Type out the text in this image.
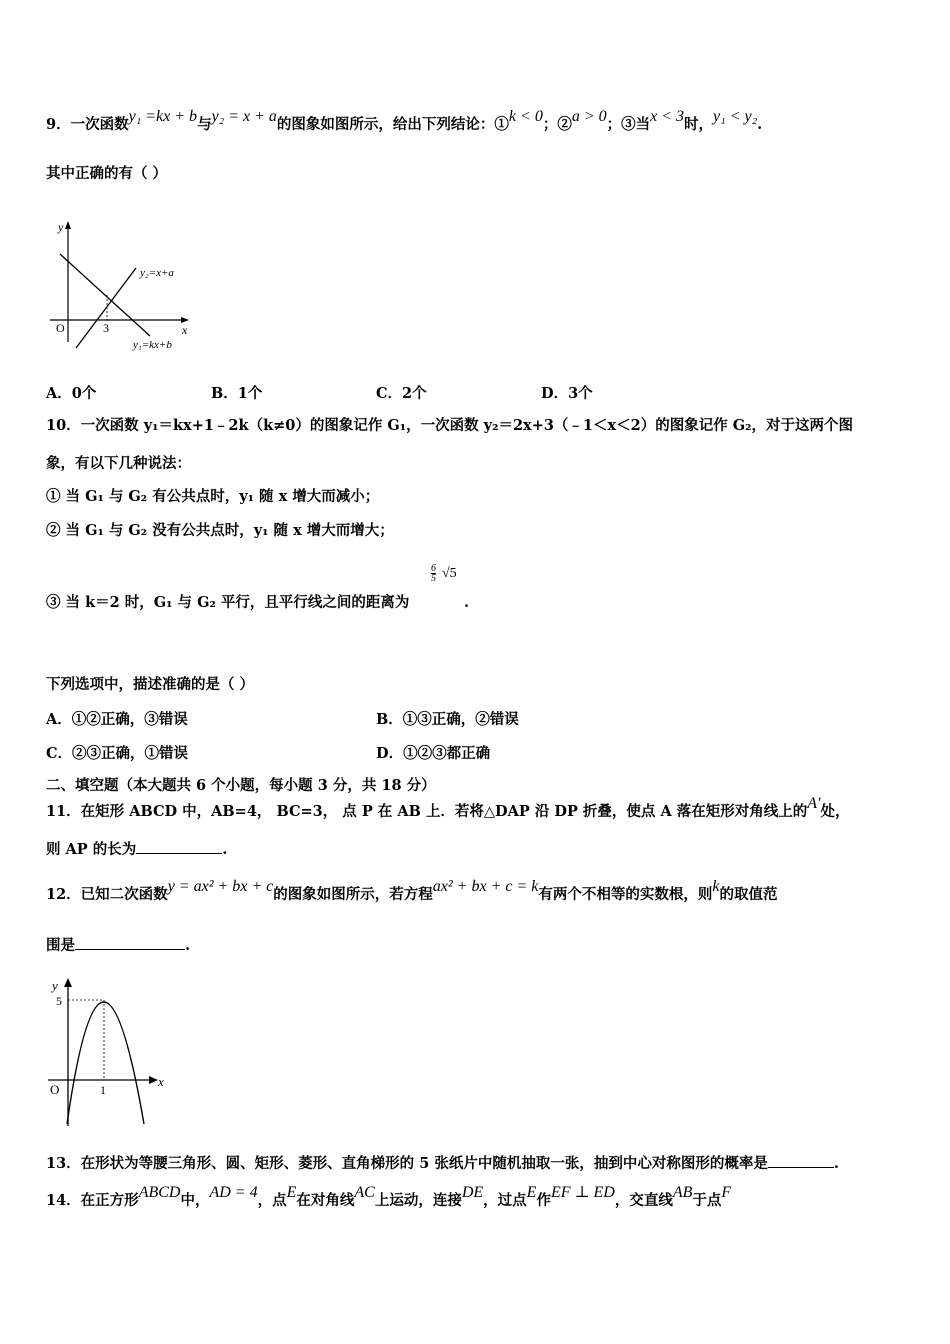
9．一次函数y₁ =kx + b与y₂ = x + a的图象如图所示，给出下列结论：①k < 0；②a > 0；③当x < 3时，y₁ < y₂.
其中正确的有（ ）
y
x
O	3
y₂=x+a
y₁=kx+b
A．0个	B．1个	C．2个	D．3个
10．一次函数 y₁＝kx+1﹣2k（k≠0）的图象记作 G₁，一次函数 y₂＝2x+3（﹣1＜x＜2）的图象记作 G₂，对于这两个图
象，有以下几种说法：
① 当 G₁ 与 G₂ 有公共点时，y₁ 随 x 增大而减小；
② 当 G₁ 与 G₂ 没有公共点时，y₁ 随 x 增大而增大；
③ 当 k＝2 时，G₁ 与 G₂ 平行，且平行线之间的距离为
$\frac{6}{5} √5$
.
下列选项中，描述准确的是（ ）
A．①②正确，③错误	B．①③正确，②错误
C．②③正确，①错误	D．①②③都正确
二、填空题（本大题共 6 个小题，每小题 3 分，共 18 分）
11．在矩形 ABCD 中，AB=4， BC=3， 点 P 在 AB 上．若将△DAP 沿 DP 折叠，使点 A 落在矩形对角线上的A′处，
则 AP 的长为	.
12．已知二次函数y = ax² + bx + c的图象如图所示，若方程ax² + bx + c = k有两个不相等的实数根，则k的取值范
围是	.
y
x
O	1
5
13．在形状为等腰三角形、圆、矩形、菱形、直角梯形的 5 张纸片中随机抽取一张，抽到中心对称图形的概率是	.
14．在正方形ABCD中，AD = 4，点E在对角线AC上运动，连接DE，过点E作EF ⊥ ED，交直线AB于点F
